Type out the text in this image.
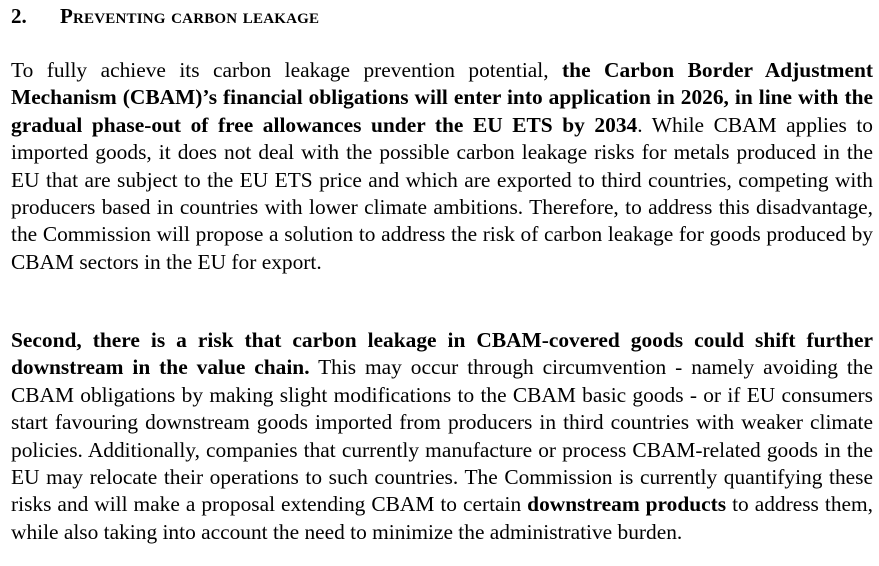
2. Preventing carbon leakage

To fully achieve its carbon leakage prevention potential, the Carbon Border Adjustment Mechanism (CBAM)’s financial obligations will enter into application in 2026, in line with the gradual phase-out of free allowances under the EU ETS by 2034. While CBAM applies to imported goods, it does not deal with the possible carbon leakage risks for metals produced in the EU that are subject to the EU ETS price and which are exported to third countries, competing with producers based in countries with lower climate ambitions. Therefore, to address this disadvantage, the Commission will propose a solution to address the risk of carbon leakage for goods produced by CBAM sectors in the EU for export.

Second, there is a risk that carbon leakage in CBAM-covered goods could shift further downstream in the value chain. This may occur through circumvention - namely avoiding the CBAM obligations by making slight modifications to the CBAM basic goods - or if EU consumers start favouring downstream goods imported from producers in third countries with weaker climate policies. Additionally, companies that currently manufacture or process CBAM-related goods in the EU may relocate their operations to such countries. The Commission is currently quantifying these risks and will make a proposal extending CBAM to certain downstream products to address them, while also taking into account the need to minimize the administrative burden.
